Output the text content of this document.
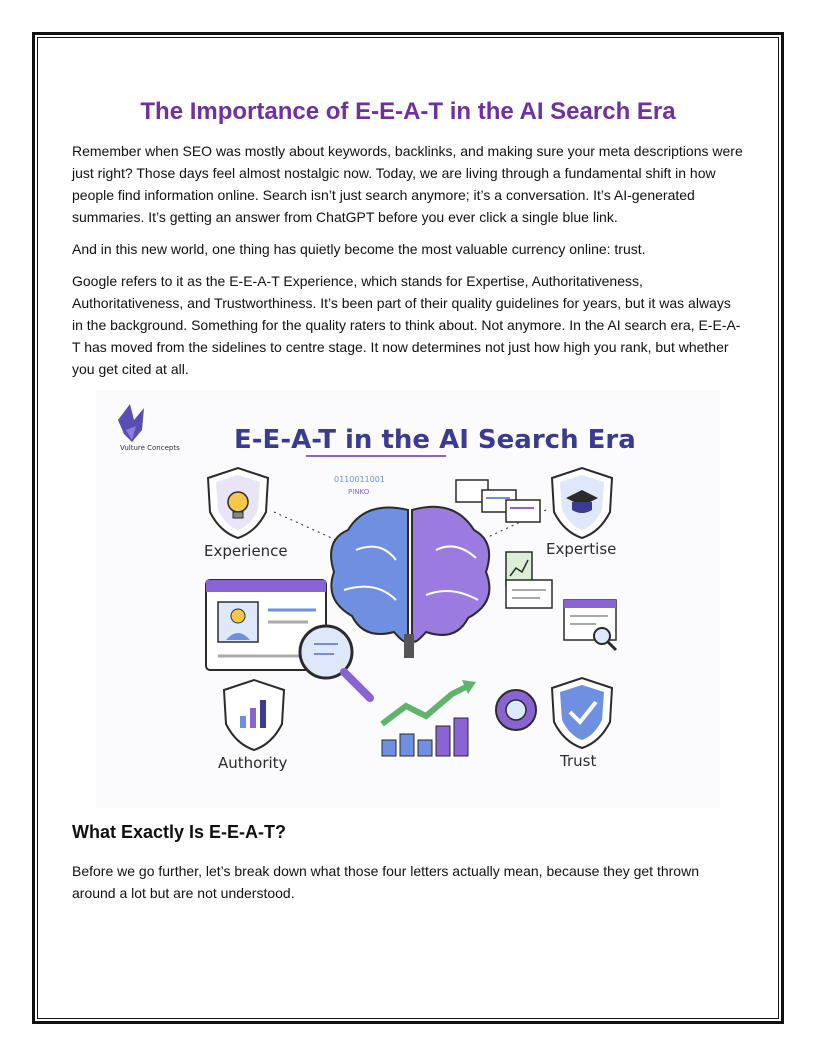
The Importance of E-E-A-T in the AI Search Era

Remember when SEO was mostly about keywords, backlinks, and making sure your meta descriptions were just right? Those days feel almost nostalgic now. Today, we are living through a fundamental shift in how people find information online. Search isn’t just search anymore; it’s a conversation. It’s AI-generated summaries. It’s getting an answer from ChatGPT before you ever click a single blue link.

And in this new world, one thing has quietly become the most valuable currency online: trust.

Google refers to it as the E-E-A-T Experience, which stands for Expertise, Authoritativeness, Authoritativeness, and Trustworthiness. It’s been part of their quality guidelines for years, but it was always in the background. Something for the quality raters to think about. Not anymore. In the AI search era, E-E-A-T has moved from the sidelines to centre stage. It now determines not just how high you rank, but whether you get cited at all.

Vulture Concepts E-E-A-T in the AI Search Era
0110011001
PINKO
Experience	Expertise
Authority	Trust
What Exactly Is E-E-A-T?

Before we go further, let’s break down what those four letters actually mean, because they get thrown around a lot but are not understood.
